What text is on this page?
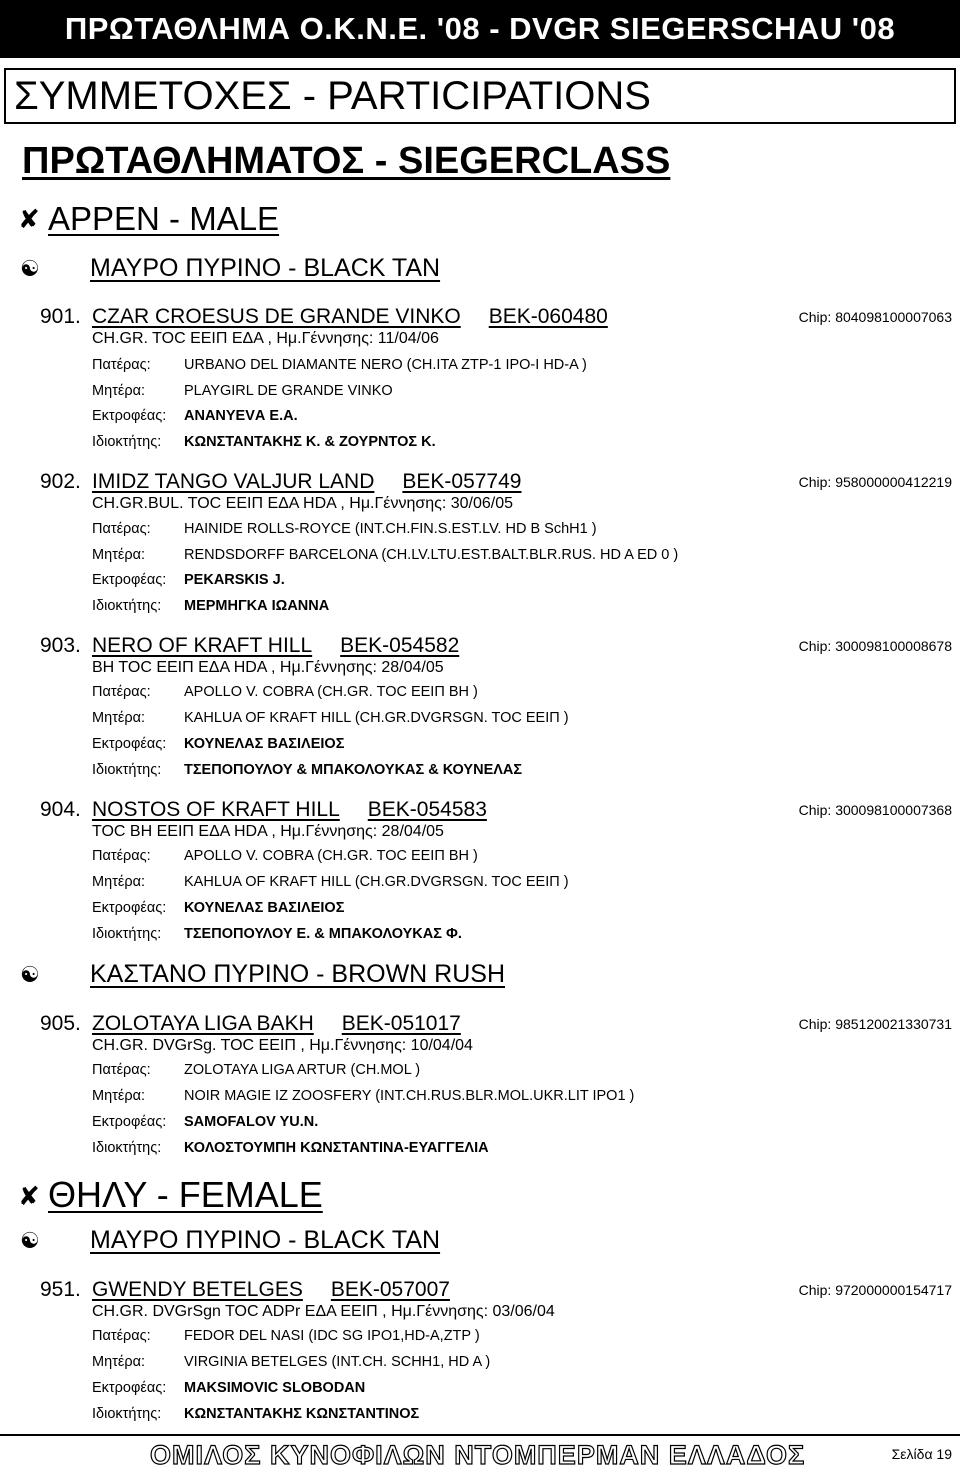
ΠΡΩΤΑΘΛΗΜΑ Ο.Κ.Ν.Ε. '08 - DVGR SIEGERSCHAU '08
ΣΥΜΜΕΤΟΧΕΣ - PARTICIPATIONS
ΠΡΩΤΑΘΛΗΜΑΤΟΣ - SIEGERCLASS
✘ ΑΡΡΕΝ - MALE
☯ ΜΑΥΡΟ ΠΥΡΙΝΟ - BLACK TAN
901. CZAR CROESUS DE GRANDE VINKO BEK-060480	Chip: 804098100007063
CH.GR. TOC ΕΕΙΠ ΕΔΑ , Ημ.Γέννησης: 11/04/06
Πατέρας: URBANO DEL DIAMANTE NERO (CH.ITA ZTP-1 IPO-I HD-A )
Μητέρα:	PLAYGIRL DE GRANDE VINKO
Εκτροφέας: ΑΝΑΝΥΕVΑ Ε.Α.
Ιδιοκτήτης: ΚΩΝΣΤΑΝΤΑΚΗΣ Κ. & ΖΟΥΡΝΤΟΣ Κ.
902. IMIDZ TANGO VALJUR LAND BEK-057749	Chip: 958000000412219
CH.GR.BUL. TOC ΕΕΙΠ ΕΔΑ HDA , Ημ.Γέννησης: 30/06/05
Πατέρας: HAINIDE ROLLS-ROYCE (INT.CH.FIN.S.EST.LV. HD B SchH1 )
Μητέρα:	RENDSDORFF BARCELONA (CH.LV.LTU.EST.BALT.BLR.RUS. HD A ED 0 )
Εκτροφέας: PEKARSKIS J.
Ιδιοκτήτης: ΜΕΡΜΗΓΚΑ ΙΩΑΝΝΑ
903. NERO OF KRAFT HILL BEK-054582	Chip: 300098100008678
BH TOC ΕΕΙΠ ΕΔΑ HDA , Ημ.Γέννησης: 28/04/05
Πατέρας: APOLLO V. COBRA (CH.GR. TOC ΕΕΙΠ BH )
Μητέρα:	KAHLUA OF KRAFT HILL (CH.GR.DVGRSGN. TOC ΕΕΙΠ )
Εκτροφέας: ΚΟΥΝΕΛΑΣ ΒΑΣΙΛΕΙΟΣ
Ιδιοκτήτης: ΤΣΕΠΟΠΟΥΛΟΥ & ΜΠΑΚΟΛΟΥΚΑΣ & ΚΟΥΝΕΛΑΣ
904. NOSTOS OF KRAFT HILL BEK-054583	Chip: 300098100007368
TOC BH ΕΕΙΠ ΕΔΑ HDA , Ημ.Γέννησης: 28/04/05
Πατέρας: APOLLO V. COBRA (CH.GR. TOC ΕΕΙΠ BH )
Μητέρα:	KAHLUA OF KRAFT HILL (CH.GR.DVGRSGN. TOC ΕΕΙΠ )
Εκτροφέας: ΚΟΥΝΕΛΑΣ ΒΑΣΙΛΕΙΟΣ
Ιδιοκτήτης: ΤΣΕΠΟΠΟΥΛΟΥ Ε. & ΜΠΑΚΟΛΟΥΚΑΣ Φ.
☯ ΚΑΣΤΑΝΟ ΠΥΡΙΝΟ - BROWN RUSH
905. ZOLOTAYA LIGA BAKH BEK-051017	Chip: 985120021330731
CH.GR. DVGrSg. TOC ΕΕΙΠ , Ημ.Γέννησης: 10/04/04
Πατέρας: ZOLOTAYA LIGA ARTUR (CH.MOL )
Μητέρα:	NOIR MAGIE IZ ZOOSFERY (INT.CH.RUS.BLR.MOL.UKR.LIT IPO1 )
Εκτροφέας: SAMOFALOV YU.N.
Ιδιοκτήτης: ΚΟΛΟΣΤΟΥΜΠΗ ΚΩΝΣΤΑΝΤΙΝΑ-ΕΥΑΓΓΕΛΙΑ
✘ ΘΗΛΥ - FEMALE
☯ ΜΑΥΡΟ ΠΥΡΙΝΟ - BLACK TAN
951. GWENDY BETELGES BEK-057007	Chip: 972000000154717
CH.GR. DVGrSgn TOC ADPr ΕΔΑ ΕΕΙΠ , Ημ.Γέννησης: 03/06/04
Πατέρας: FEDOR DEL NASI (IDC SG IPO1,HD-A,ZTP )
Μητέρα:	VIRGINIA BETELGES (INT.CH. SCHH1, HD A )
Εκτροφέας: MAKSIMOVIC SLOBODAN
Ιδιοκτήτης: ΚΩΝΣΤΑΝΤΑΚΗΣ ΚΩΝΣΤΑΝΤΙΝΟΣ
ΟΜΙΛΟΣ ΚΥΝΟΦΙΛΩΝ ΝΤΟΜΠΕΡΜΑΝ ΕΛΛΑΔΟΣ	Σελίδα 19
